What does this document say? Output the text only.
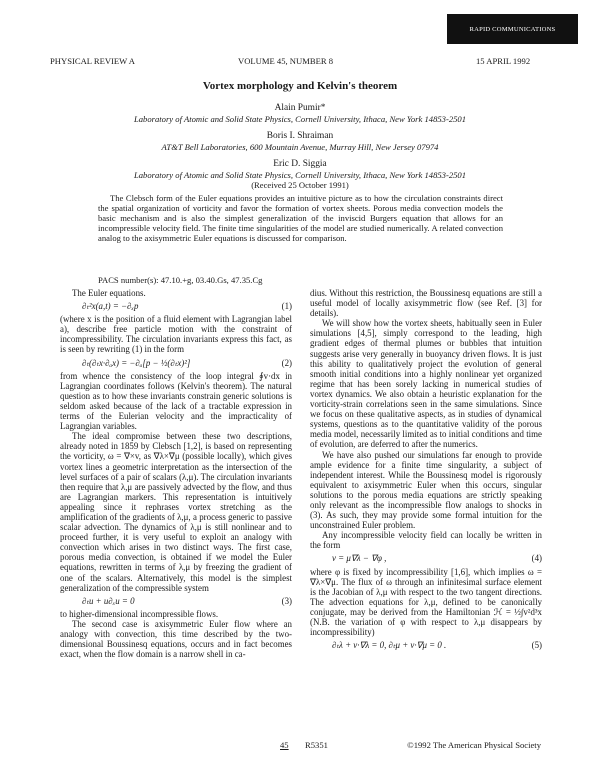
RAPID COMMUNICATIONS
PHYSICAL REVIEW A	VOLUME 45, NUMBER 8	15 APRIL 1992
Vortex morphology and Kelvin's theorem
Alain Pumir*
Laboratory of Atomic and Solid State Physics, Cornell University, Ithaca, New York 14853-2501
Boris I. Shraiman
AT&T Bell Laboratories, 600 Mountain Avenue, Murray Hill, New Jersey 07974
Eric D. Siggia
Laboratory of Atomic and Solid State Physics, Cornell University, Ithaca, New York 14853-2501
(Received 25 October 1991)

The Clebsch form of the Euler equations provides an intuitive picture as to how the circulation constraints direct the spatial organization of vorticity and favor the formation of vortex sheets. Porous media convection models the basic mechanism and is also the simplest generalization of the inviscid Burgers equation that allows for an incompressible velocity field. The finite time singularities of the model are studied numerically. A related convection analog to the axisymmetric Euler equations is discussed for comparison.

PACS number(s): 47.10.+g, 03.40.Gs, 47.35.Cg

The Euler equations.

∂ₜ²x(a,t) = −∂ₓp	(1)

(where x is the position of a fluid element with Lagrangian label a), describe free particle motion with the constraint of incompressibility. The circulation invariants express this fact, as is seen by rewriting (1) in the form

∂ₜ(∂ₜx·∂ₐx) = −∂ₐ[p − ½(∂ₜx)²]	(2)

from whence the consistency of the loop integral ∮v·dx in Lagrangian coordinates follows (Kelvin's theorem). The natural question as to how these invariants constrain generic solutions is seldom asked because of the lack of a tractable expression in terms of the Eulerian velocity and the impracticality of Lagrangian variables.

The ideal compromise between these two descriptions, already noted in 1859 by Clebsch [1,2], is based on representing the vorticity, ω = ∇×v, as ∇λ×∇μ (possible locally), which gives vortex lines a geometric interpretation as the intersection of the level surfaces of a pair of scalars (λ,μ). The circulation invariants then require that λ,μ are passively advected by the flow, and thus are Lagrangian markers. This representation is intuitively appealing since it rephrases vortex stretching as the amplification of the gradients of λ,μ, a process generic to passive scalar advection. The dynamics of λ,μ is still nonlinear and to proceed further, it is very useful to exploit an analogy with convection which arises in two distinct ways. The first case, porous media convection, is obtained if we model the Euler equations, rewritten in terms of λ,μ by freezing the gradient of one of the scalars. Alternatively, this model is the simplest generalization of the compressible system

∂ₜu + u∂ₓu = 0	(3)

to higher-dimensional incompressible flows.

The second case is axisymmetric Euler flow where an analogy with convection, this time described by the two-dimensional Boussinesq equations, occurs and in fact becomes exact, when the flow domain is a narrow shell in ca-

dius. Without this restriction, the Boussinesq equations are still a useful model of locally axisymmetric flow (see Ref. [3] for details).

We will show how the vortex sheets, habitually seen in Euler simulations [4,5], simply correspond to the leading, high gradient edges of thermal plumes or bubbles that intuition suggests arise very generally in buoyancy driven flows. It is just this ability to qualitatively project the evolution of general smooth initial conditions into a highly nonlinear yet organized regime that has been sorely lacking in numerical studies of vortex dynamics. We also obtain a heuristic explanation for the vorticity-strain correlations seen in the same simulations. Since we focus on these qualitative aspects, as in studies of dynamical systems, questions as to the quantitative validity of the porous media model, necessarily limited as to initial conditions and time of evolution, are deferred to after the numerics.

We have also pushed our simulations far enough to provide ample evidence for a finite time singularity, a subject of independent interest. While the Boussinesq model is rigorously equivalent to axisymmetric Euler when this occurs, singular solutions to the porous media equations are strictly speaking only relevant as the incompressible flow analogs to shocks in (3). As such, they may provide some formal intuition for the unconstrained Euler problem.

Any incompressible velocity field can locally be written in the form

v = μ∇λ − ∇φ ,	(4)

where φ is fixed by incompressibility [1,6], which implies ω = ∇λ×∇μ. The flux of ω through an infinitesimal surface element is the Jacobian of λ,μ with respect to the two tangent directions. The advection equations for λ,μ, defined to be canonically conjugate, may be derived from the Hamiltonian ℋ = ½∫v²d³x (N.B. the variation of φ with respect to λ,μ disappears by incompressibility)

∂ₜλ + v·∇λ = 0, ∂ₜμ + v·∇μ = 0 .	(5)
45 R5351	©1992 The American Physical Society
